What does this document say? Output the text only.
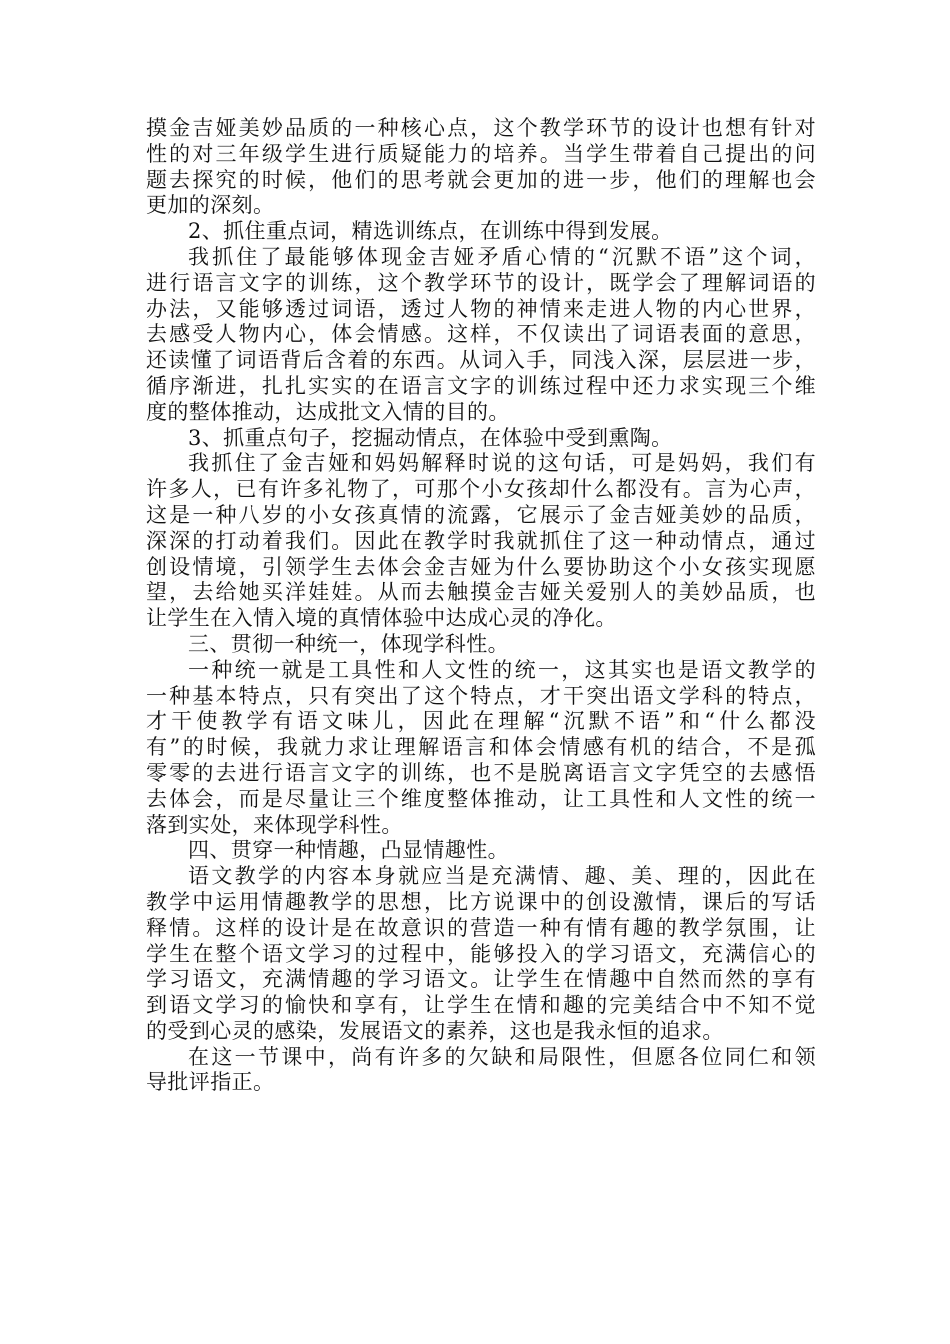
摸金吉娅美妙品质的一种核心点，这个教学环节的设计也想有针对
性的对三年级学生进行质疑能力的培养。当学生带着自己提出的问
题去探究的时候，他们的思考就会更加的进一步，他们的理解也会
更加的深刻。
2、抓住重点词，精选训练点，在训练中得到发展。
我抓住了最能够体现金吉娅矛盾心情的“沉默不语”这个词，
进行语言文字的训练，这个教学环节的设计，既学会了理解词语的
办法，又能够透过词语，透过人物的神情来走进人物的内心世界，
去感受人物内心，体会情感。这样，不仅读出了词语表面的意思，
还读懂了词语背后含着的东西。从词入手，同浅入深，层层进一步，
循序渐进，扎扎实实的在语言文字的训练过程中还力求实现三个维
度的整体推动，达成批文入情的目的。
3、抓重点句子，挖掘动情点，在体验中受到熏陶。
我抓住了金吉娅和妈妈解释时说的这句话，可是妈妈，我们有
许多人，已有许多礼物了，可那个小女孩却什么都没有。言为心声，
这是一种八岁的小女孩真情的流露，它展示了金吉娅美妙的品质，
深深的打动着我们。因此在教学时我就抓住了这一种动情点，通过
创设情境，引领学生去体会金吉娅为什么要协助这个小女孩实现愿
望，去给她买洋娃娃。从而去触摸金吉娅关爱别人的美妙品质，也
让学生在入情入境的真情体验中达成心灵的净化。
三、贯彻一种统一，体现学科性。
一种统一就是工具性和人文性的统一，这其实也是语文教学的
一种基本特点，只有突出了这个特点，才干突出语文学科的特点，
才干使教学有语文味儿，因此在理解“沉默不语”和“什么都没
有”的时候，我就力求让理解语言和体会情感有机的结合，不是孤
零零的去进行语言文字的训练，也不是脱离语言文字凭空的去感悟
去体会，而是尽量让三个维度整体推动，让工具性和人文性的统一
落到实处，来体现学科性。
四、贯穿一种情趣，凸显情趣性。
语文教学的内容本身就应当是充满情、趣、美、理的，因此在
教学中运用情趣教学的思想，比方说课中的创设激情，课后的写话
释情。这样的设计是在故意识的营造一种有情有趣的教学氛围，让
学生在整个语文学习的过程中，能够投入的学习语文，充满信心的
学习语文，充满情趣的学习语文。让学生在情趣中自然而然的享有
到语文学习的愉快和享有，让学生在情和趣的完美结合中不知不觉
的受到心灵的感染，发展语文的素养，这也是我永恒的追求。
在这一节课中，尚有许多的欠缺和局限性，但愿各位同仁和领
导批评指正。
